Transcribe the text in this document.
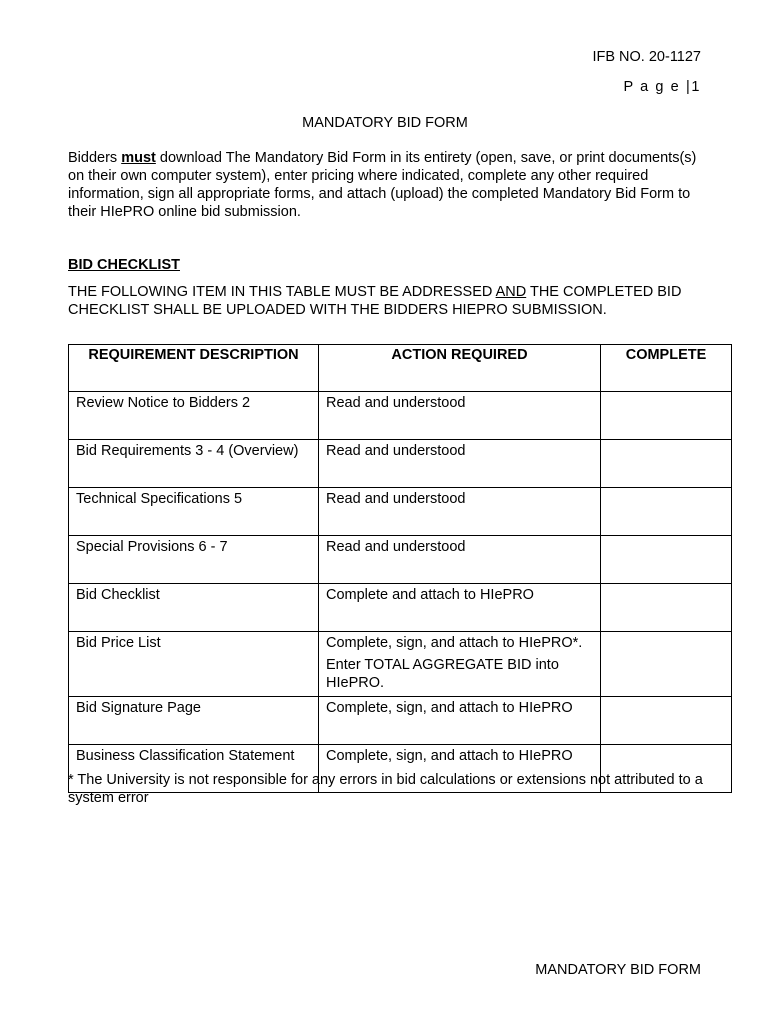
IFB NO. 20-1127
P a g e |1
MANDATORY BID FORM
Bidders must download The Mandatory Bid Form in its entirety (open, save, or print documents(s) on their own computer system), enter pricing where indicated, complete any other required information, sign all appropriate forms, and attach (upload) the completed Mandatory Bid Form to their HIePRO online bid submission.
BID CHECKLIST
THE FOLLOWING ITEM IN THIS TABLE MUST BE ADDRESSED AND THE COMPLETED BID CHECKLIST SHALL BE UPLOADED WITH THE BIDDERS HIEPRO SUBMISSION.
REQUIREMENT DESCRIPTION	ACTION REQUIRED	COMPLETE
Review Notice to Bidders 2	Read and understood	
Bid Requirements 3 - 4 (Overview)	Read and understood	
Technical Specifications 5	Read and understood	
Special Provisions 6 - 7	Read and understood	
Bid Checklist	Complete and attach to HIePRO	
Bid Price List	Complete, sign, and attach to HIePRO*.

Enter TOTAL AGGREGATE BID into HIePRO.	

Bid Signature Page	Complete, sign, and attach to HIePRO	
Business Classification Statement	Complete, sign, and attach to HIePRO	
* The University is not responsible for any errors in bid calculations or extensions not attributed to a system error
MANDATORY BID FORM
